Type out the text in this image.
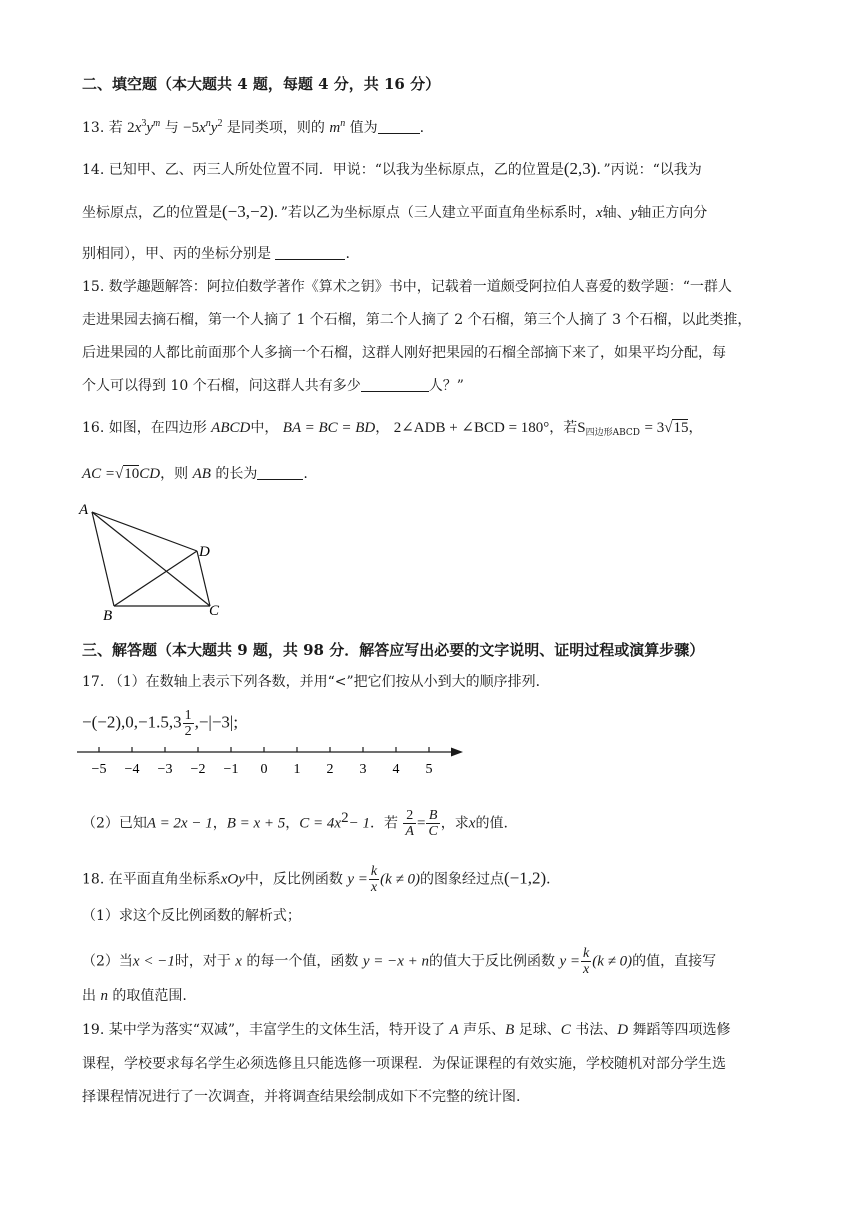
二、填空题（本大题共 4 题，每题 4 分，共 16 分）
13. 若 $2x^3y^m$ 与 $-5x^ny^2$ 是同类项，则的 $m^n$ 值为	.
14. 已知甲、乙、丙三人所处位置不同．甲说：“以我为坐标原点，乙的位置是(2,3)．”丙说：“以我为
坐标原点，乙的位置是(−3,−2)．”若以乙为坐标原点（三人建立平面直角坐标系时，x轴、y轴正方向分
别相同），甲、丙的坐标分别是	.
15. 数学趣题解答：阿拉伯数学著作《算术之钥》书中，记载着一道颇受阿拉伯人喜爱的数学题：“一群人
走进果园去摘石榴，第一个人摘了 1 个石榴，第二个人摘了 2 个石榴，第三个人摘了 3 个石榴，以此类推，
后进果园的人都比前面那个人多摘一个石榴，这群人刚好把果园的石榴全部摘下来了，如果平均分配，每
个人可以得到 10 个石榴，问这群人共有多少	人？”
16. 如图，在四边形 ABCD中， BA = BC = BD， 2∠ADB + ∠BCD = 180°，若$S_{四边形ABCD} = 3√15$，
AC =√10CD，则 AB 的长为	.
A
B	C
D
三、解答题（本大题共 9 题，共 98 分．解答应写出必要的文字说明、证明过程或演算步骤）
17. （1）在数轴上表示下列各数，并用“<”把它们按从小到大的顺序排列．
$-(-2),0,-1.5,3 \frac{1}{2} ,-|-3|$;
−5 −4 −3 −2 −1 0 1 2 3 4 5
（2）已知A = 2x − 1，B = x + 5，$C = 4x^2- 1$．若 $\frac{2}{A} = \frac{B}{C}$ ，求x的值.
18. 在平面直角坐标系xOy中，反比例函数 $y = \frac{k}{x} (k \ne 0)$的图象经过点(−1,2)．
（1）求这个反比例函数的解析式；
（2）当x < −1时，对于 x 的每一个值，函数 y = −x + n的值大于反比例函数 $y = \frac{k}{x} (k \ne 0)$的值，直接写
出 n 的取值范围.
19. 某中学为落实“双减”，丰富学生的文体生活，特开设了 A 声乐、B 足球、C 书法、D 舞蹈等四项选修
课程，学校要求每名学生必须选修且只能选修一项课程．为保证课程的有效实施，学校随机对部分学生选
择课程情况进行了一次调查，并将调查结果绘制成如下不完整的统计图.
